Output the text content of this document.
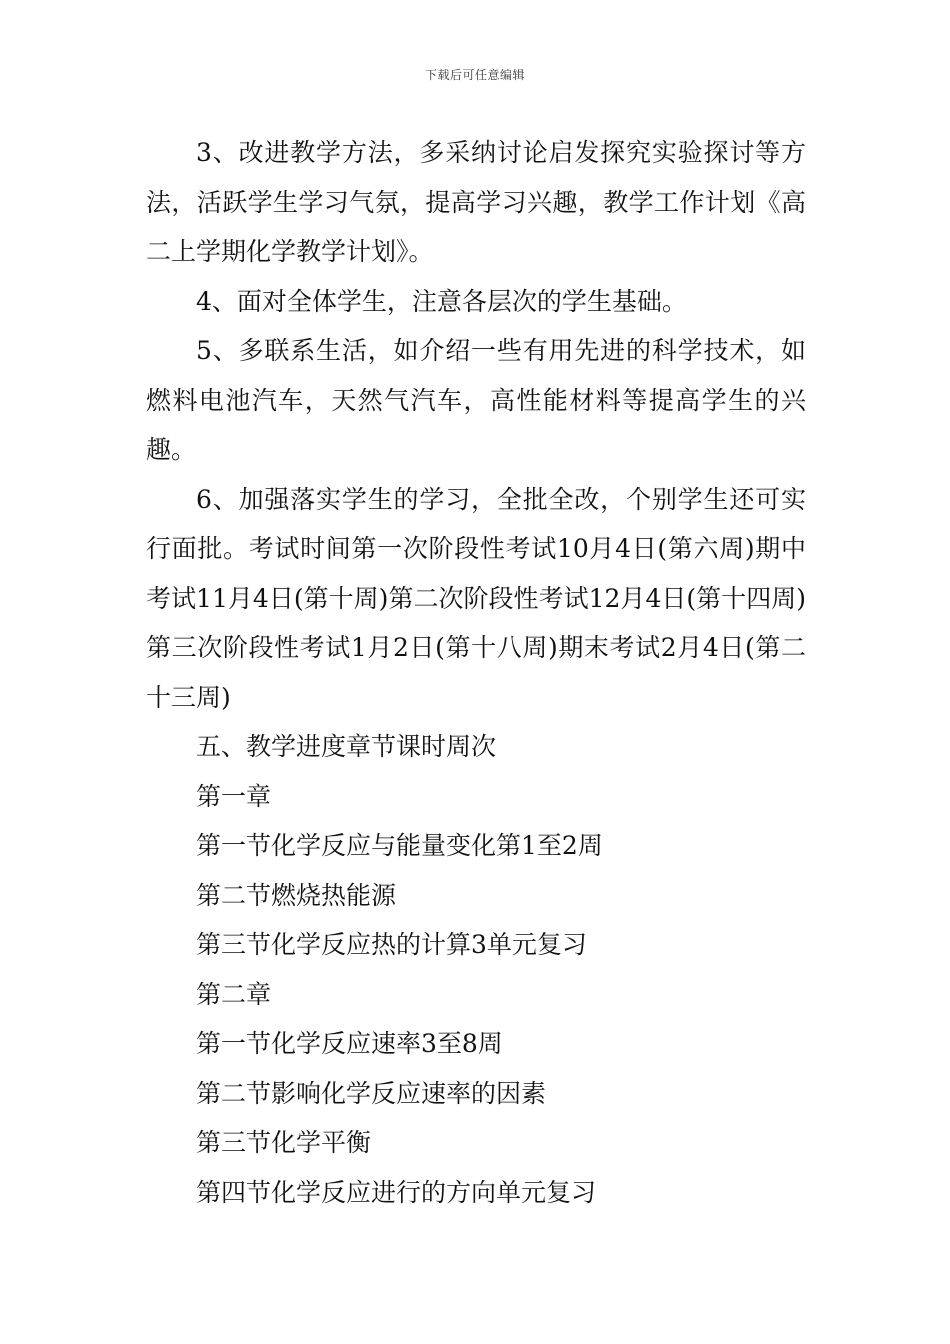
下载后可任意编辑

3、改进教学方法，多采纳讨论启发探究实验探讨等方法，活跃学生学习气氛，提高学习兴趣，教学工作计划《高二上学期化学教学计划》。

4、面对全体学生，注意各层次的学生基础。

5、多联系生活，如介绍一些有用先进的科学技术，如燃料电池汽车，天然气汽车，高性能材料等提高学生的兴趣。

6、加强落实学生的学习，全批全改，个别学生还可实行面批。考试时间第一次阶段性考试10月4日(第六周)期中考试11月4日(第十周)第二次阶段性考试12月4日(第十四周)第三次阶段性考试1月2日(第十八周)期末考试2月4日(第二十三周)

五、教学进度章节课时周次

第一章

第一节化学反应与能量变化第1至2周

第二节燃烧热能源

第三节化学反应热的计算3单元复习

第二章

第一节化学反应速率3至8周

第二节影响化学反应速率的因素

第三节化学平衡

第四节化学反应进行的方向单元复习
